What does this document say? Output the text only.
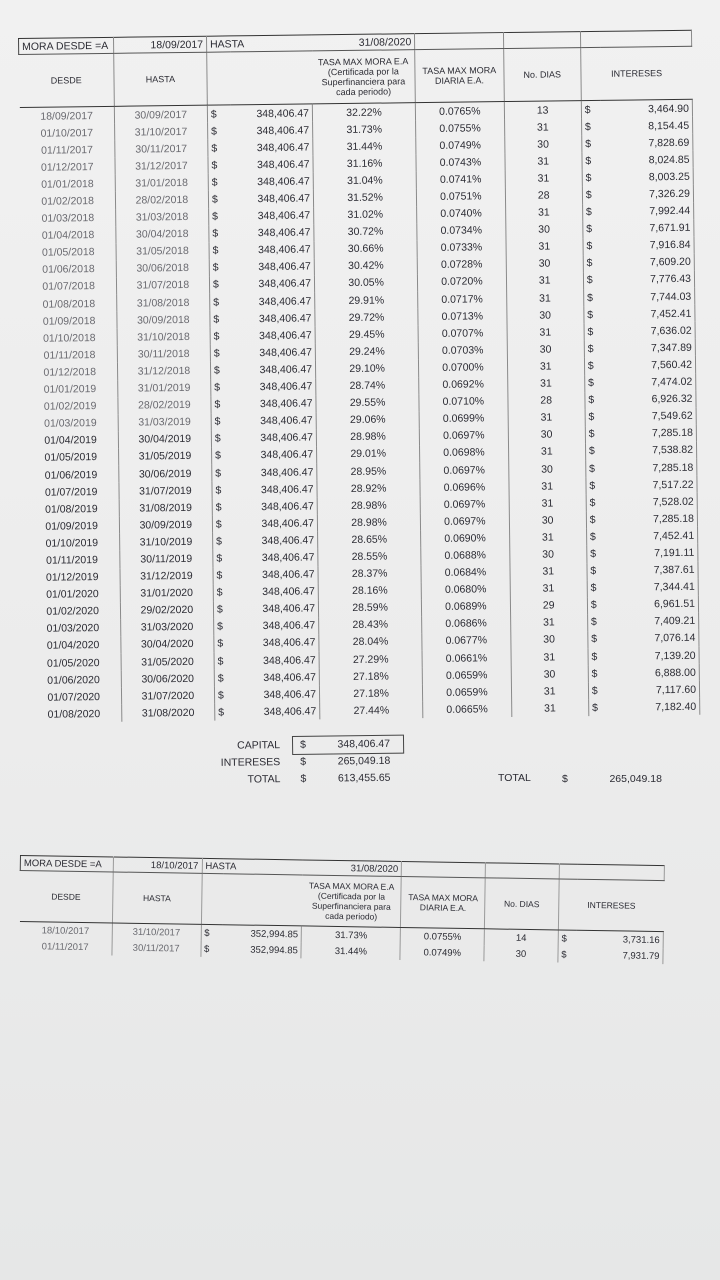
MORA DESDE =A	18/09/2017	HASTA		31/08/2020				
DESDE	HASTA			TASA MAX MORA E.A (Certificada por la Superfinanciera para cada periodo)	TASA MAX MORA DIARIA E.A.	No. DIAS	INTERESES	
18/09/2017	30/09/2017	$	348,406.47	32.22%	0.0765%	13	$	3,464.90
01/10/2017	31/10/2017	$	348,406.47	31.73%	0.0755%	31	$	8,154.45
01/11/2017	30/11/2017	$	348,406.47	31.44%	0.0749%	30	$	7,828.69
01/12/2017	31/12/2017	$	348,406.47	31.16%	0.0743%	31	$	8,024.85
01/01/2018	31/01/2018	$	348,406.47	31.04%	0.0741%	31	$	8,003.25
01/02/2018	28/02/2018	$	348,406.47	31.52%	0.0751%	28	$	7,326.29
01/03/2018	31/03/2018	$	348,406.47	31.02%	0.0740%	31	$	7,992.44
01/04/2018	30/04/2018	$	348,406.47	30.72%	0.0734%	30	$	7,671.91
01/05/2018	31/05/2018	$	348,406.47	30.66%	0.0733%	31	$	7,916.84
01/06/2018	30/06/2018	$	348,406.47	30.42%	0.0728%	30	$	7,609.20
01/07/2018	31/07/2018	$	348,406.47	30.05%	0.0720%	31	$	7,776.43
01/08/2018	31/08/2018	$	348,406.47	29.91%	0.0717%	31	$	7,744.03
01/09/2018	30/09/2018	$	348,406.47	29.72%	0.0713%	30	$	7,452.41
01/10/2018	31/10/2018	$	348,406.47	29.45%	0.0707%	31	$	7,636.02
01/11/2018	30/11/2018	$	348,406.47	29.24%	0.0703%	30	$	7,347.89
01/12/2018	31/12/2018	$	348,406.47	29.10%	0.0700%	31	$	7,560.42
01/01/2019	31/01/2019	$	348,406.47	28.74%	0.0692%	31	$	7,474.02
01/02/2019	28/02/2019	$	348,406.47	29.55%	0.0710%	28	$	6,926.32
01/03/2019	31/03/2019	$	348,406.47	29.06%	0.0699%	31	$	7,549.62
01/04/2019	30/04/2019	$	348,406.47	28.98%	0.0697%	30	$	7,285.18
01/05/2019	31/05/2019	$	348,406.47	29.01%	0.0698%	31	$	7,538.82
01/06/2019	30/06/2019	$	348,406.47	28.95%	0.0697%	30	$	7,285.18
01/07/2019	31/07/2019	$	348,406.47	28.92%	0.0696%	31	$	7,517.22
01/08/2019	31/08/2019	$	348,406.47	28.98%	0.0697%	31	$	7,528.02
01/09/2019	30/09/2019	$	348,406.47	28.98%	0.0697%	30	$	7,285.18
01/10/2019	31/10/2019	$	348,406.47	28.65%	0.0690%	31	$	7,452.41
01/11/2019	30/11/2019	$	348,406.47	28.55%	0.0688%	30	$	7,191.11
01/12/2019	31/12/2019	$	348,406.47	28.37%	0.0684%	31	$	7,387.61
01/01/2020	31/01/2020	$	348,406.47	28.16%	0.0680%	31	$	7,344.41
01/02/2020	29/02/2020	$	348,406.47	28.59%	0.0689%	29	$	6,961.51
01/03/2020	31/03/2020	$	348,406.47	28.43%	0.0686%	31	$	7,409.21
01/04/2020	30/04/2020	$	348,406.47	28.04%	0.0677%	30	$	7,076.14
01/05/2020	31/05/2020	$	348,406.47	27.29%	0.0661%	31	$	7,139.20
01/06/2020	30/06/2020	$	348,406.47	27.18%	0.0659%	30	$	6,888.00
01/07/2020	31/07/2020	$	348,406.47	27.18%	0.0659%	31	$	7,117.60
01/08/2020	31/08/2020	$	348,406.47	27.44%	0.0665%	31	$	7,182.40
TOTAL	$	265,049.18
CAPITAL $	348,406.47
INTERESES $	265,049.18
TOTAL $	613,455.65
MORA DESDE =A	18/10/2017	HASTA		31/08/2020				
DESDE	HASTA			TASA MAX MORA E.A (Certificada por la Superfinanciera para cada periodo)	TASA MAX MORA DIARIA E.A.	No. DIAS	INTERESES	
18/10/2017	31/10/2017	$	352,994.85	31.73%	0.0755%	14	$	3,731.16
01/11/2017	30/11/2017	$	352,994.85	31.44%	0.0749%	30	$	7,931.79
